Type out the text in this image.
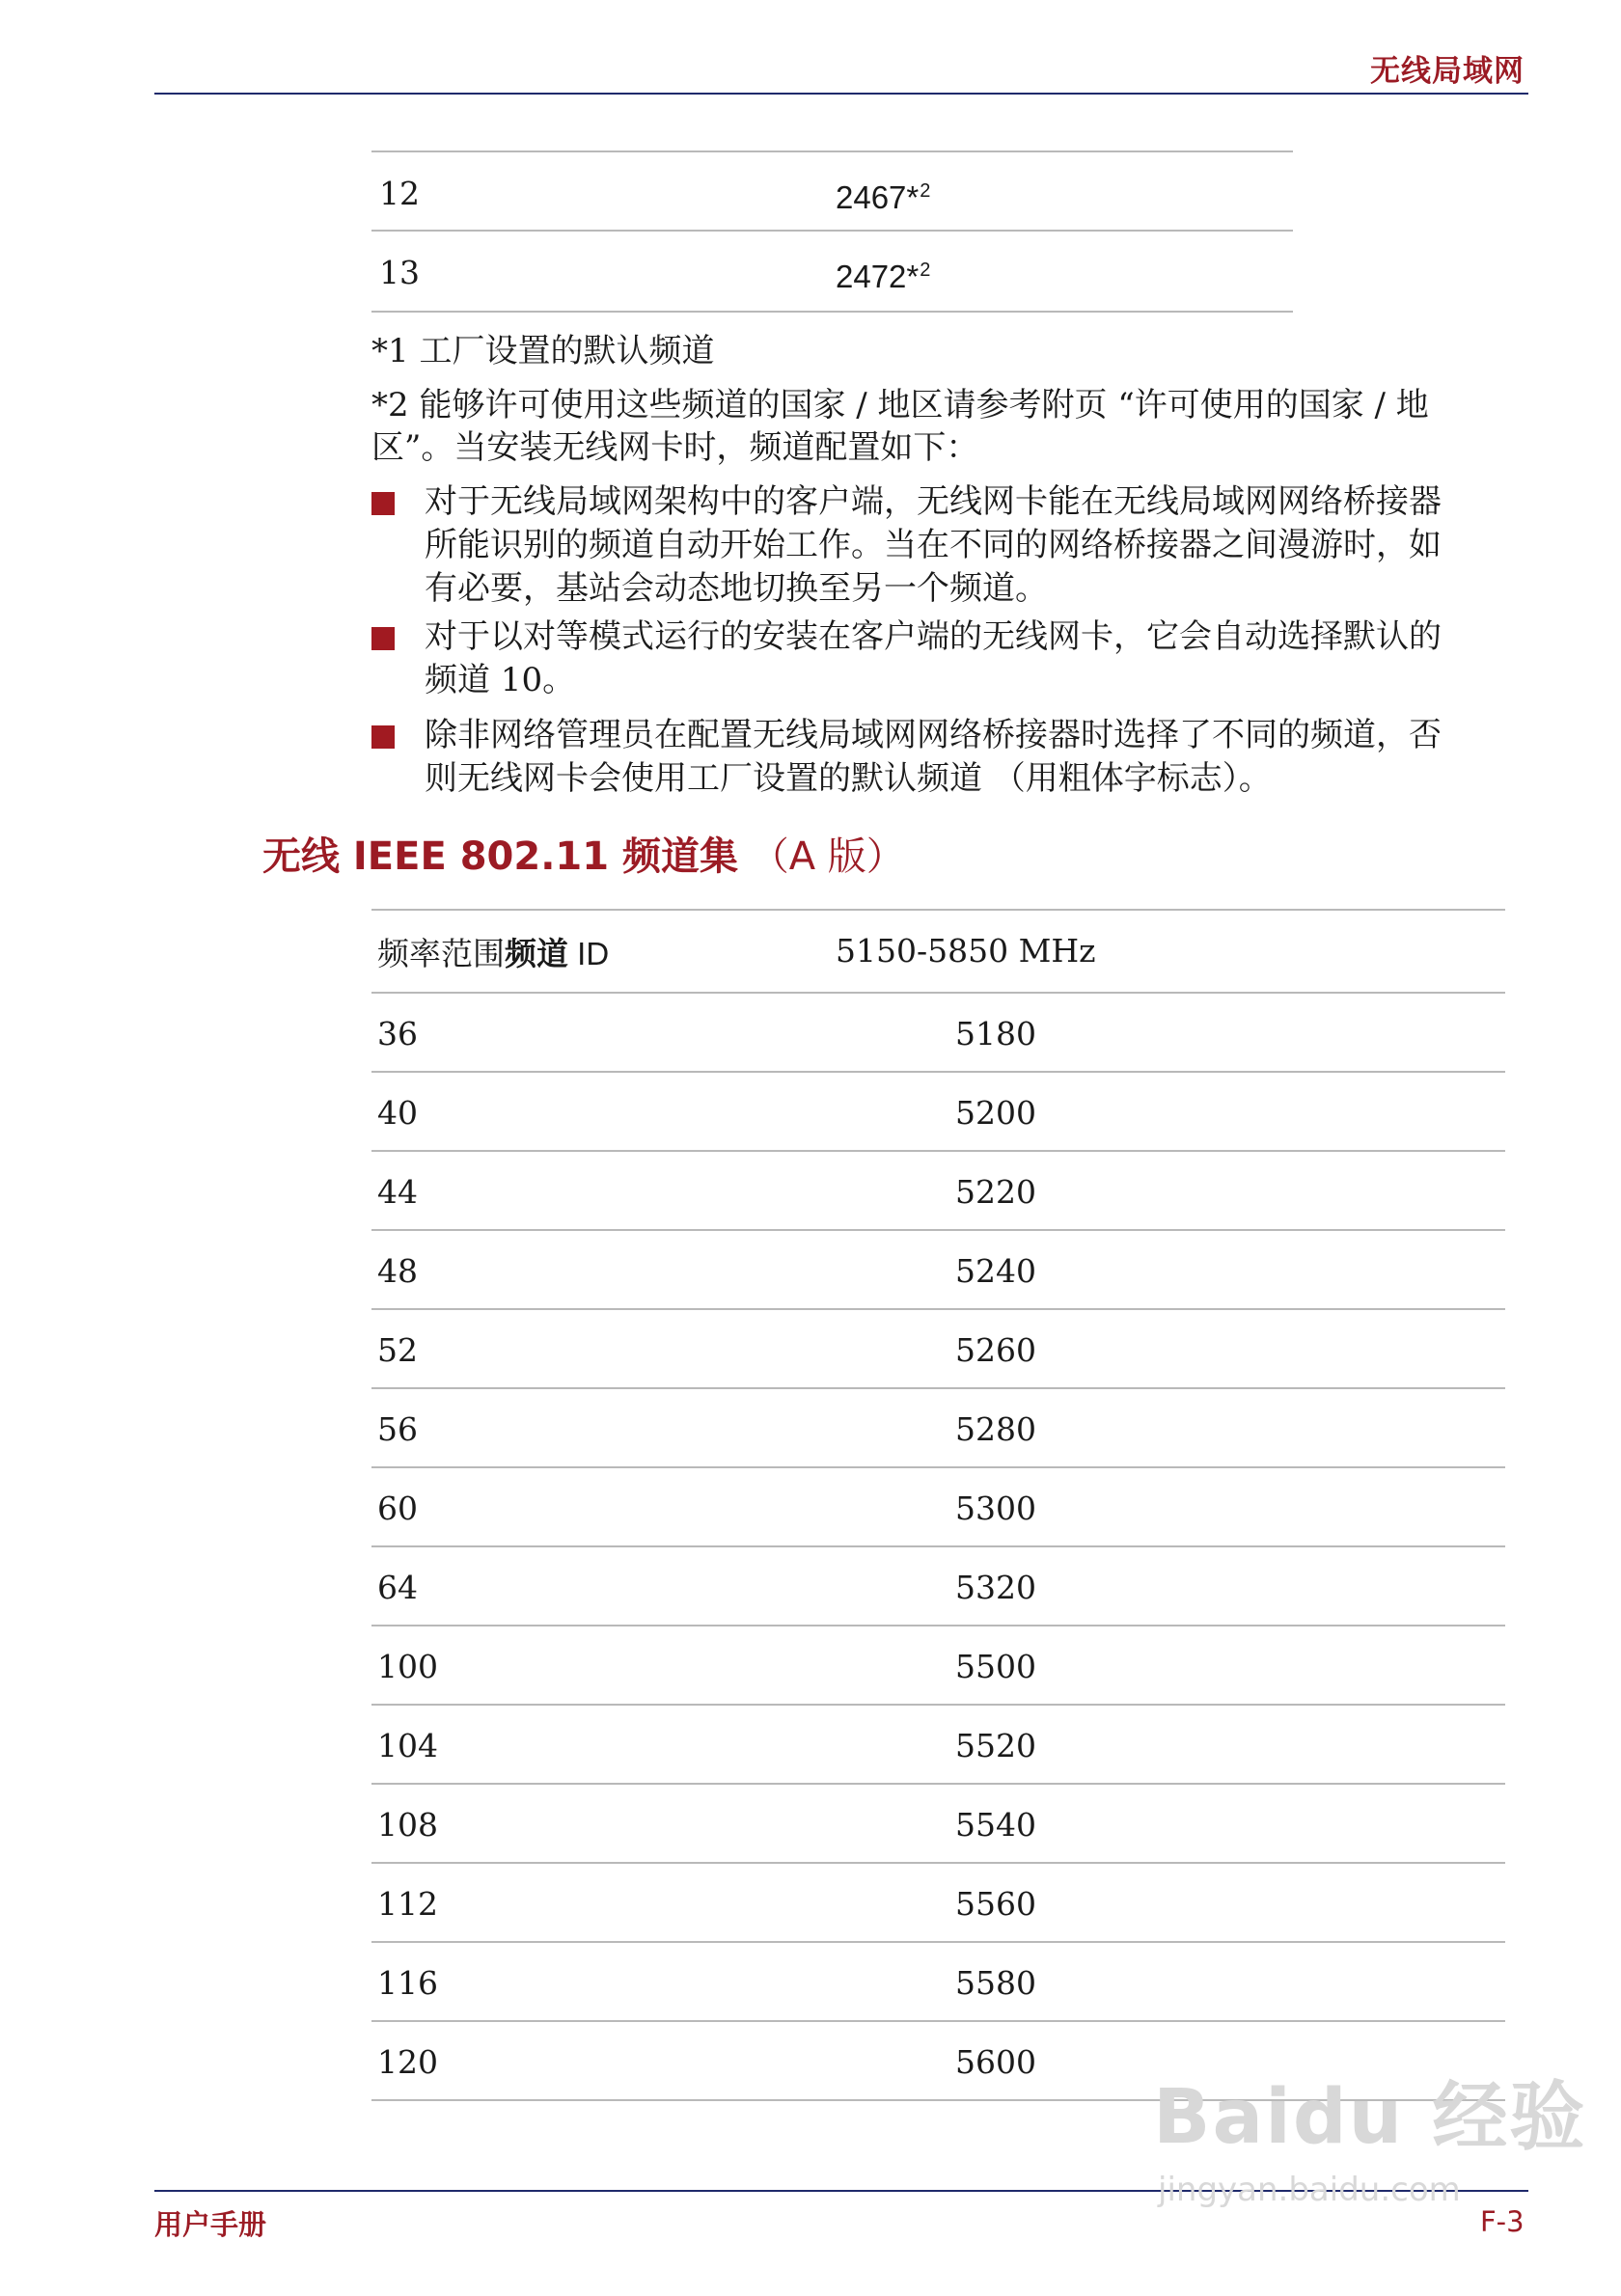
无线局域网
12	2467*$^2$
13	2472*$^2$
*1 工厂设置的默认频道
*2 能够许可使用这些频道的国家 / 地区请参考附页 “许可使用的国家 / 地
区”。当安装无线网卡时，频道配置如下：
对于无线局域网架构中的客户端，无线网卡能在无线局域网网络桥接器
所能识别的频道自动开始工作。当在不同的网络桥接器之间漫游时，如
有必要，基站会动态地切换至另一个频道。
对于以对等模式运行的安装在客户端的无线网卡，它会自动选择默认的
频道 10。
除非网络管理员在配置无线局域网网络桥接器时选择了不同的频道，否
则无线网卡会使用工厂设置的默认频道 （用粗体字标志）。
无线 IEEE 802.11 频道集 （A 版）
频率范围频道 ID	5150-5850 MHz
36	5180
40	5200
44	5220
48	5240
52	5260
56	5280
60	5300
64	5320
100	5500
104	5520
108	5540
112	5560
116	5580
120	5600
用户手册	F-3
Baidu 经验
jingyan.baidu.com
